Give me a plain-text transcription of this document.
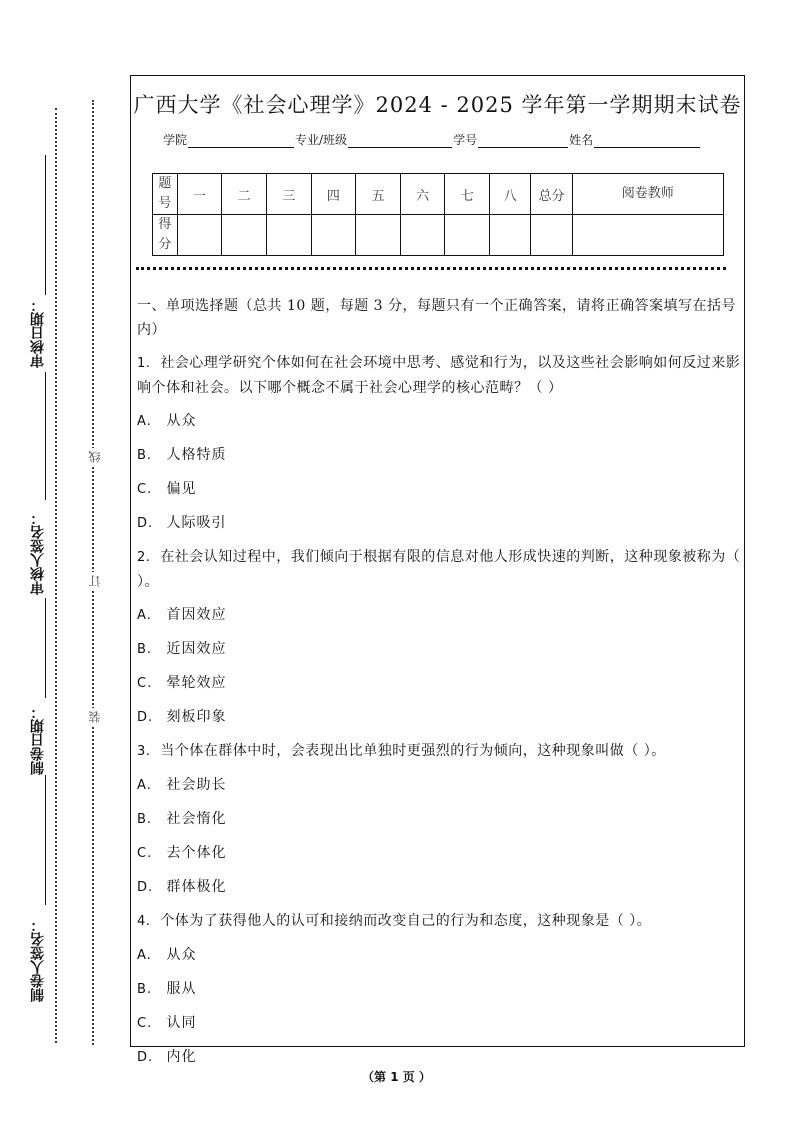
审核日期：
审核人签名：
制卷日期：
制卷人签名：
线
订
装
广西大学《社会心理学》2024 - 2025 学年第一学期期末试卷
学院	专业/班级	学号	姓名
题号	一	二	三	四	五	六	七	八	总分	阅卷教师
得分										

一、单项选择题（总共 10 题，每题 3 分，每题只有一个正确答案，请将正确答案填写在括号内）

1. 社会心理学研究个体如何在社会环境中思考、感觉和行为，以及这些社会影响如何反过来影响个体和社会。以下哪个概念不属于社会心理学的核心范畴？（ ）

A. 从众
B. 人格特质
C. 偏见
D. 人际吸引

2. 在社会认知过程中，我们倾向于根据有限的信息对他人形成快速的判断，这种现象被称为（ ）。

A. 首因效应
B. 近因效应
C. 晕轮效应
D. 刻板印象

3. 当个体在群体中时，会表现出比单独时更强烈的行为倾向，这种现象叫做（ ）。

A. 社会助长
B. 社会惰化
C. 去个体化
D. 群体极化

4. 个体为了获得他人的认可和接纳而改变自己的行为和态度，这种现象是（ ）。

A. 从众
B. 服从
C. 认同
D. 内化
（第 1 页 ）
